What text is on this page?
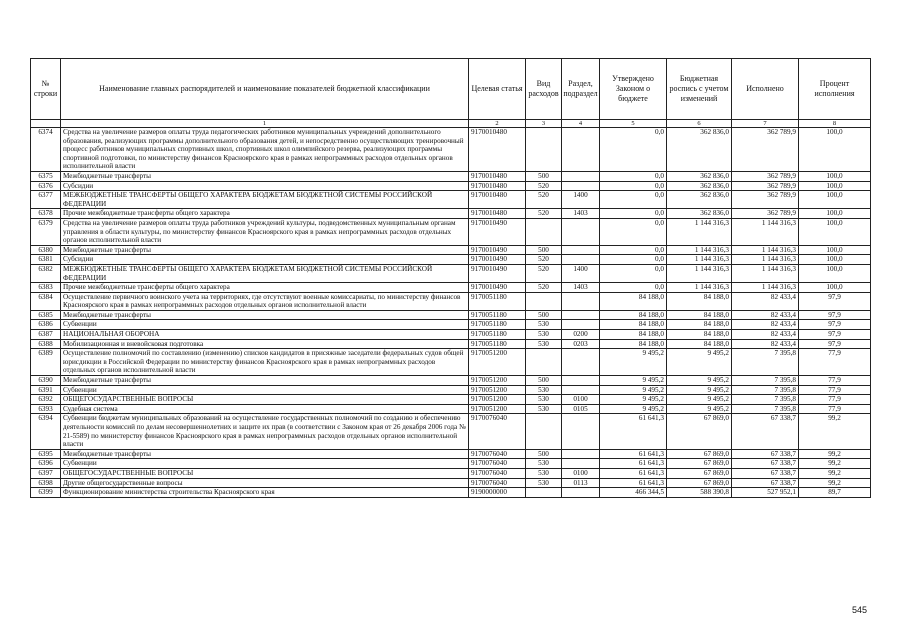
№ строки	Наименование главных распорядителей и наименование показателей бюджетной классификации	Целевая статья	Вид расходов	Раздел, подраздел	Утверждено Законом о бюджете	Бюджетная роспись с учетом изменений	Исполнено	Процент исполнения
	1	2	3	4	5	6	7	8
6374	Средства на увеличение размеров оплаты труда педагогических работников муниципальных учреждений дополнительного образования, реализующих программы дополнительного образования детей, и непосредственно осуществляющих тренировочный процесс работников муниципальных спортивных школ, спортивных школ олимпийского резерва, реализующих программы спортивной подготовки, по министерству финансов Красноярского края в рамках непрограммных расходов отдельных органов исполнительной власти	9170010480			0,0	362 836,0	362 789,9	100,0
6375	Межбюджетные трансферты	9170010480	500		0,0	362 836,0	362 789,9	100,0
6376	Субсидии	9170010480	520		0,0	362 836,0	362 789,9	100,0
6377	МЕЖБЮДЖЕТНЫЕ ТРАНСФЕРТЫ ОБЩЕГО ХАРАКТЕРА БЮДЖЕТАМ БЮДЖЕТНОЙ СИСТЕМЫ РОССИЙСКОЙ ФЕДЕРАЦИИ	9170010480	520	1400	0,0	362 836,0	362 789,9	100,0
6378	Прочие межбюджетные трансферты общего характера	9170010480	520	1403	0,0	362 836,0	362 789,9	100,0
6379	Средства на увеличение размеров оплаты труда работников учреждений культуры, подведомственных муниципальным органам управления в области культуры, по министерству финансов Красноярского края в рамках непрограммных расходов отдельных органов исполнительной власти	9170010490			0,0	1 144 316,3	1 144 316,3	100,0
6380	Межбюджетные трансферты	9170010490	500		0,0	1 144 316,3	1 144 316,3	100,0
6381	Субсидии	9170010490	520		0,0	1 144 316,3	1 144 316,3	100,0
6382	МЕЖБЮДЖЕТНЫЕ ТРАНСФЕРТЫ ОБЩЕГО ХАРАКТЕРА БЮДЖЕТАМ БЮДЖЕТНОЙ СИСТЕМЫ РОССИЙСКОЙ ФЕДЕРАЦИИ	9170010490	520	1400	0,0	1 144 316,3	1 144 316,3	100,0
6383	Прочие межбюджетные трансферты общего характера	9170010490	520	1403	0,0	1 144 316,3	1 144 316,3	100,0
6384	Осуществление первичного воинского учета на территориях, где отсутствуют военные комиссариаты, по министерству финансов Красноярского края в рамках непрограммных расходов отдельных органов исполнительной власти	9170051180			84 188,0	84 188,0	82 433,4	97,9
6385	Межбюджетные трансферты	9170051180	500		84 188,0	84 188,0	82 433,4	97,9
6386	Субвенции	9170051180	530		84 188,0	84 188,0	82 433,4	97,9
6387	НАЦИОНАЛЬНАЯ ОБОРОНА	9170051180	530	0200	84 188,0	84 188,0	82 433,4	97,9
6388	Мобилизационная и вневойсковая подготовка	9170051180	530	0203	84 188,0	84 188,0	82 433,4	97,9
6389	Осуществление полномочий по составлению (изменению) списков кандидатов в присяжные заседатели федеральных судов общей юрисдикции в Российской Федерации по министерству финансов Красноярского края в рамках непрограммных расходов отдельных органов исполнительной власти	9170051200			9 495,2	9 495,2	7 395,8	77,9
6390	Межбюджетные трансферты	9170051200	500		9 495,2	9 495,2	7 395,8	77,9
6391	Субвенции	9170051200	530		9 495,2	9 495,2	7 395,8	77,9
6392	ОБЩЕГОСУДАРСТВЕННЫЕ ВОПРОСЫ	9170051200	530	0100	9 495,2	9 495,2	7 395,8	77,9
6393	Судебная система	9170051200	530	0105	9 495,2	9 495,2	7 395,8	77,9
6394	Субвенции бюджетам муниципальных образований на осуществление государственных полномочий по созданию и обеспечению деятельности комиссий по делам несовершеннолетних и защите их прав (в соответствии с Законом края от 26 декабря 2006 года № 21-5589) по министерству финансов Красноярского края в рамках непрограммных расходов отдельных органов исполнительной власти	9170076040			61 641,3	67 869,0	67 338,7	99,2
6395	Межбюджетные трансферты	9170076040	500		61 641,3	67 869,0	67 338,7	99,2
6396	Субвенции	9170076040	530		61 641,3	67 869,0	67 338,7	99,2
6397	ОБЩЕГОСУДАРСТВЕННЫЕ ВОПРОСЫ	9170076040	530	0100	61 641,3	67 869,0	67 338,7	99,2
6398	Другие общегосударственные вопросы	9170076040	530	0113	61 641,3	67 869,0	67 338,7	99,2
6399	Функционирование министерства строительства Красноярского края	9190000000			466 344,5	588 390,8	527 952,1	89,7
545
